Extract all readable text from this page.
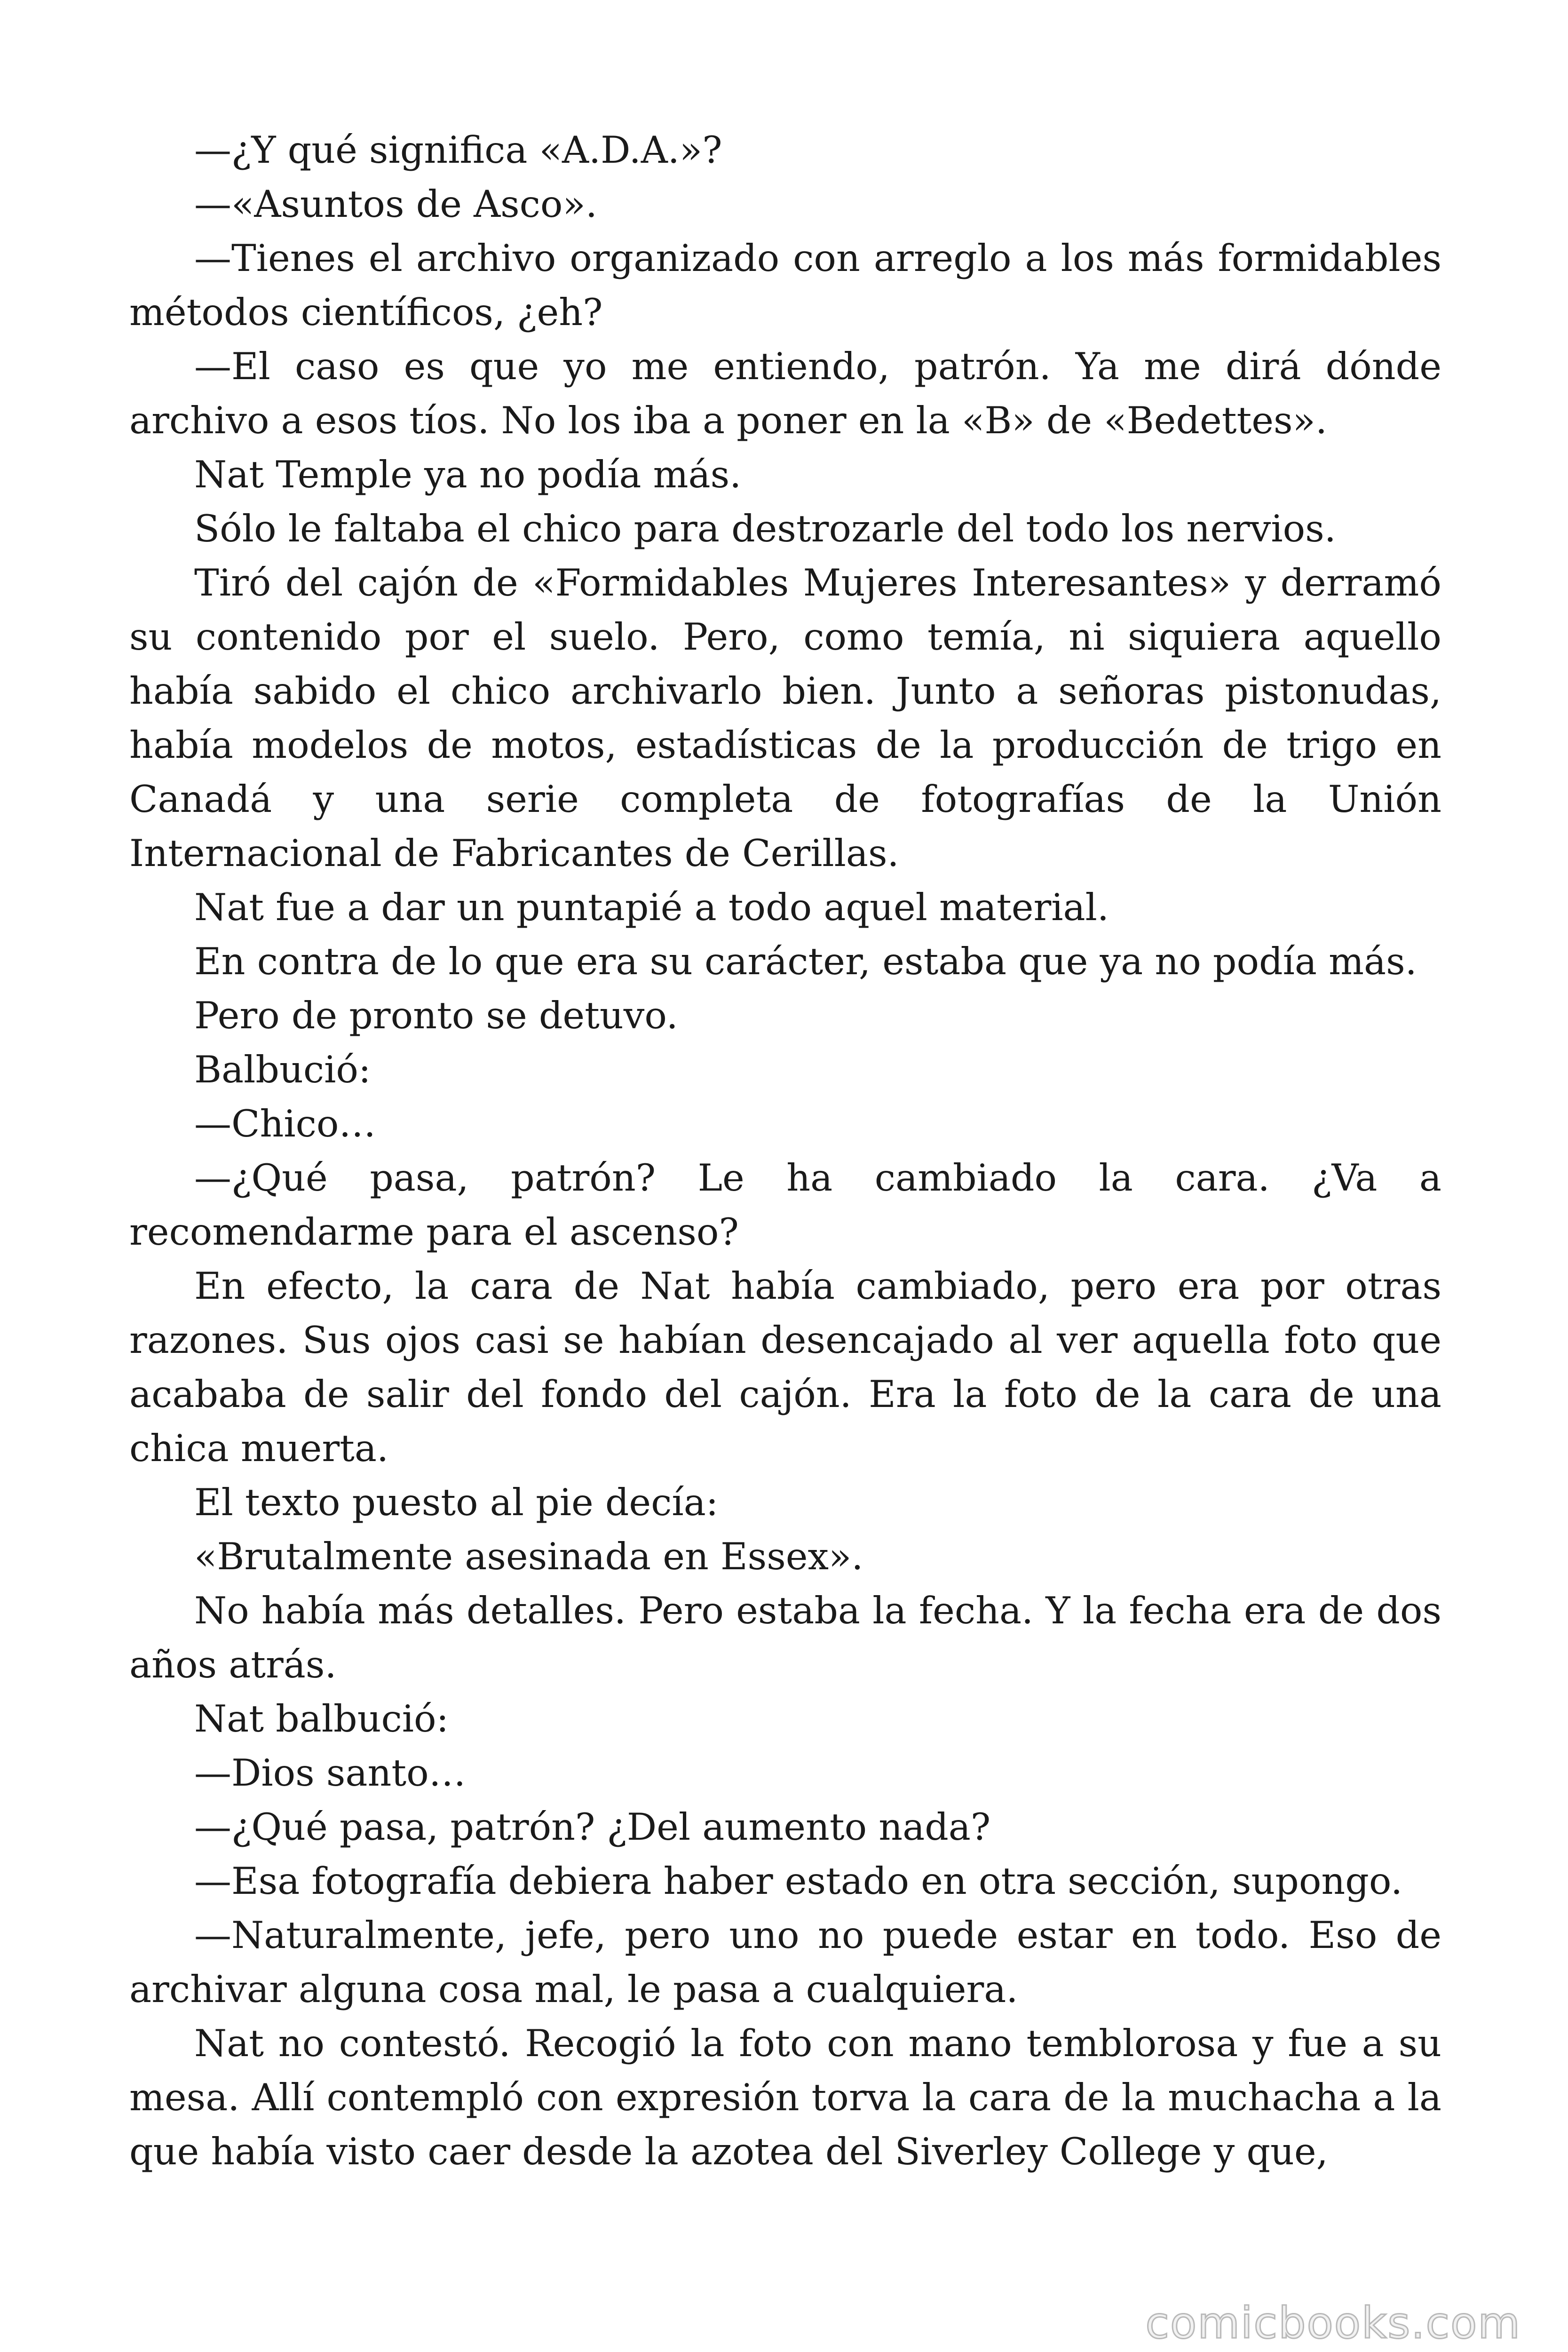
—¿Y qué significa «A.D.A.»?

—«Asuntos de Asco».

—Tienes el archivo organizado con arreglo a los más formidables métodos científicos, ¿eh?

—El caso es que yo me entiendo, patrón. Ya me dirá dónde archivo a esos tíos. No los iba a poner en la «B» de «Bedettes».

Nat Temple ya no podía más.

Sólo le faltaba el chico para destrozarle del todo los nervios.

Tiró del cajón de «Formidables Mujeres Interesantes» y derramó su contenido por el suelo. Pero, como temía, ni siquiera aquello había sabido el chico archivarlo bien. Junto a señoras pistonudas, había modelos de motos, estadísticas de la producción de trigo en Canadá y una serie completa de fotografías de la Unión Internacional de Fabricantes de Cerillas.

Nat fue a dar un puntapié a todo aquel material.

En contra de lo que era su carácter, estaba que ya no podía más.

Pero de pronto se detuvo.

Balbució:

—Chico…

—¿Qué pasa, patrón? Le ha cambiado la cara. ¿Va a recomendarme para el ascenso?

En efecto, la cara de Nat había cambiado, pero era por otras razones. Sus ojos casi se habían desencajado al ver aquella foto que acababa de salir del fondo del cajón. Era la foto de la cara de una chica muerta.

El texto puesto al pie decía:

«Brutalmente asesinada en Essex».

No había más detalles. Pero estaba la fecha. Y la fecha era de dos años atrás.

Nat balbució:

—Dios santo…

—¿Qué pasa, patrón? ¿Del aumento nada?

—Esa fotografía debiera haber estado en otra sección, supongo.

—Naturalmente, jefe, pero uno no puede estar en todo. Eso de archivar alguna cosa mal, le pasa a cualquiera.

Nat no contestó. Recogió la foto con mano temblorosa y fue a su mesa. Allí contempló con expresión torva la cara de la muchacha a la que había visto caer desde la azotea del Siverley College y que,

comicbooks.com
